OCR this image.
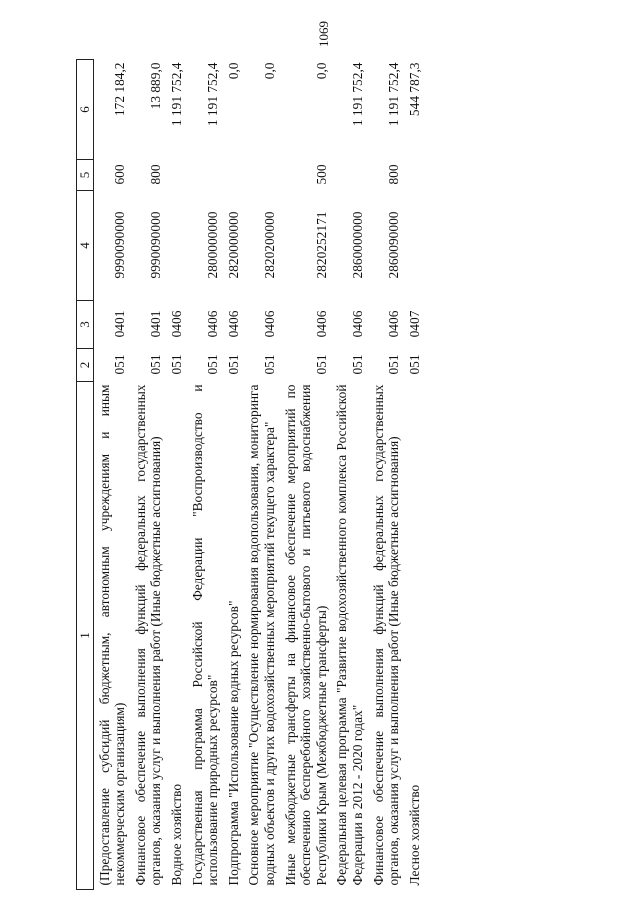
1069
1	2	3	4	5	6
(Предоставление субсидий бюджетным, автономным учреждениям и иным некоммерческим организациям)	051	0401	9990090000	600	172 184,2
Финансовое обеспечение выполнения функций федеральных государственных органов, оказания услуг и выполнения работ (Иные бюджетные ассигнования)	051	0401	9990090000	800	13 889,0
Водное хозяйство	051	0406			1 191 752,4
Государственная программа Российской Федерации "Воспроизводство и использование природных ресурсов"	051	0406	2800000000		1 191 752,4
Подпрограмма "Использование водных ресурсов"	051	0406	2820000000		0,0
Основное мероприятие "Осуществление нормирования водопользования, мониторинга водных объектов и других водохозяйственных мероприятий текущего характера"	051	0406	2820200000		0,0
Иные межбюджетные трансферты на финансовое обеспечение мероприятий по обеспечению бесперебойного хозяйственно-бытового и питьевого водоснабжения Республики Крым (Межбюджетные трансферты)	051	0406	2820252171	500	0,0
Федеральная целевая программа "Развитие водохозяйственного комплекса Российской Федерации в 2012 - 2020 годах"	051	0406	2860000000		1 191 752,4
Финансовое обеспечение выполнения функций федеральных государственных органов, оказания услуг и выполнения работ (Иные бюджетные ассигнования)	051	0406	2860090000	800	1 191 752,4
Лесное хозяйство	051	0407			544 787,3
